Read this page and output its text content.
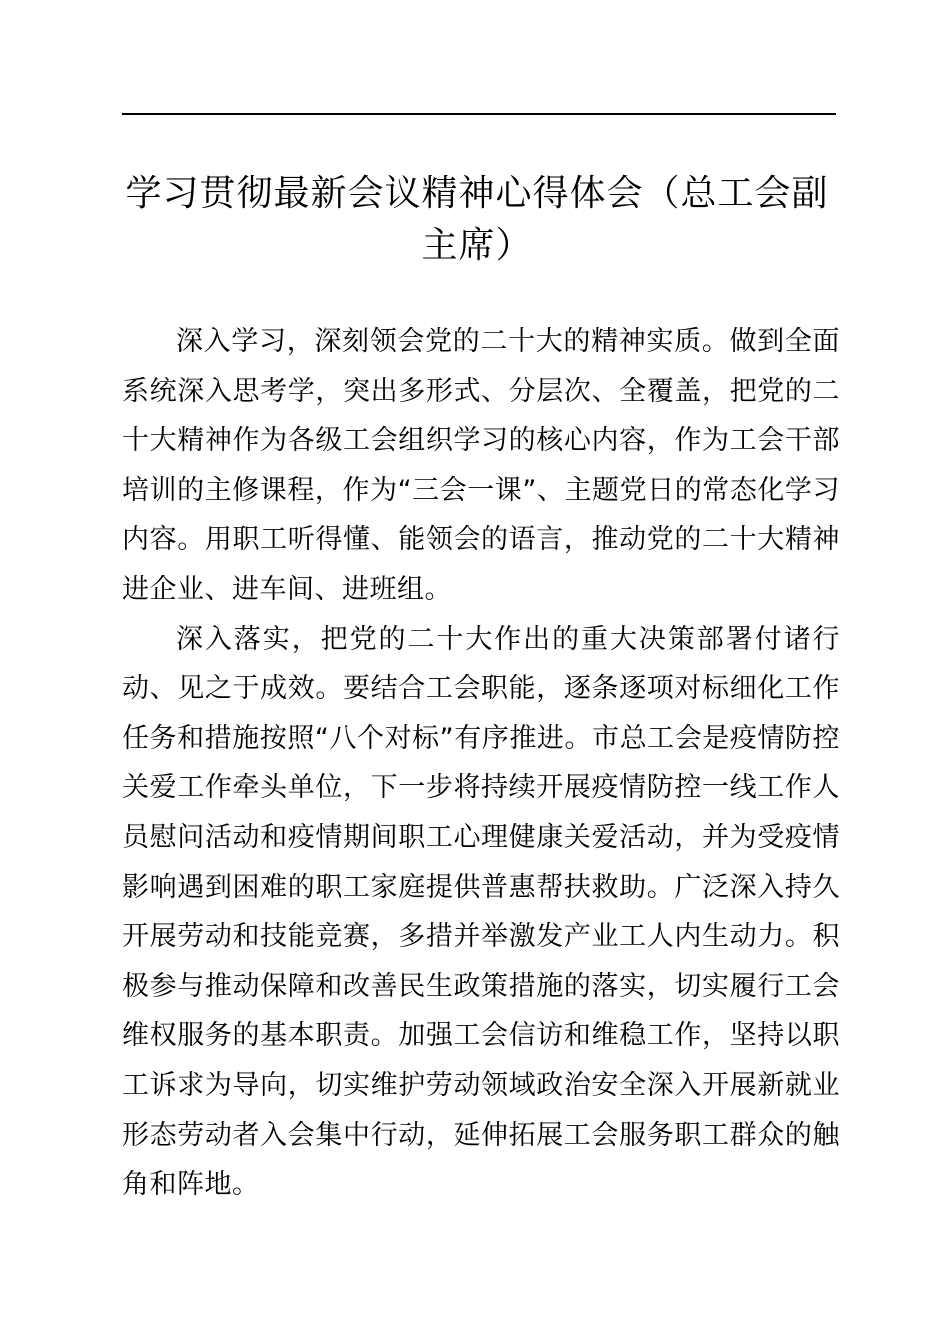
学习贯彻最新会议精神心得体会（总工会副主席）

深入学习，深刻领会党的二十大的精神实质。做到全面系统深入思考学，突出多形式、分层次、全覆盖，把党的二十大精神作为各级工会组织学习的核心内容，作为工会干部培训的主修课程，作为“三会一课”、主题党日的常态化学习内容。用职工听得懂、能领会的语言，推动党的二十大精神进企业、进车间、进班组。

深入落实，把党的二十大作出的重大决策部署付诸行动、见之于成效。要结合工会职能，逐条逐项对标细化工作任务和措施按照“八个对标”有序推进。市总工会是疫情防控关爱工作牵头单位，下一步将持续开展疫情防控一线工作人员慰问活动和疫情期间职工心理健康关爱活动，并为受疫情影响遇到困难的职工家庭提供普惠帮扶救助。广泛深入持久开展劳动和技能竞赛，多措并举激发产业工人内生动力。积极参与推动保障和改善民生政策措施的落实，切实履行工会维权服务的基本职责。加强工会信访和维稳工作，坚持以职工诉求为导向，切实维护劳动领域政治安全深入开展新就业形态劳动者入会集中行动，延伸拓展工会服务职工群众的触角和阵地。
